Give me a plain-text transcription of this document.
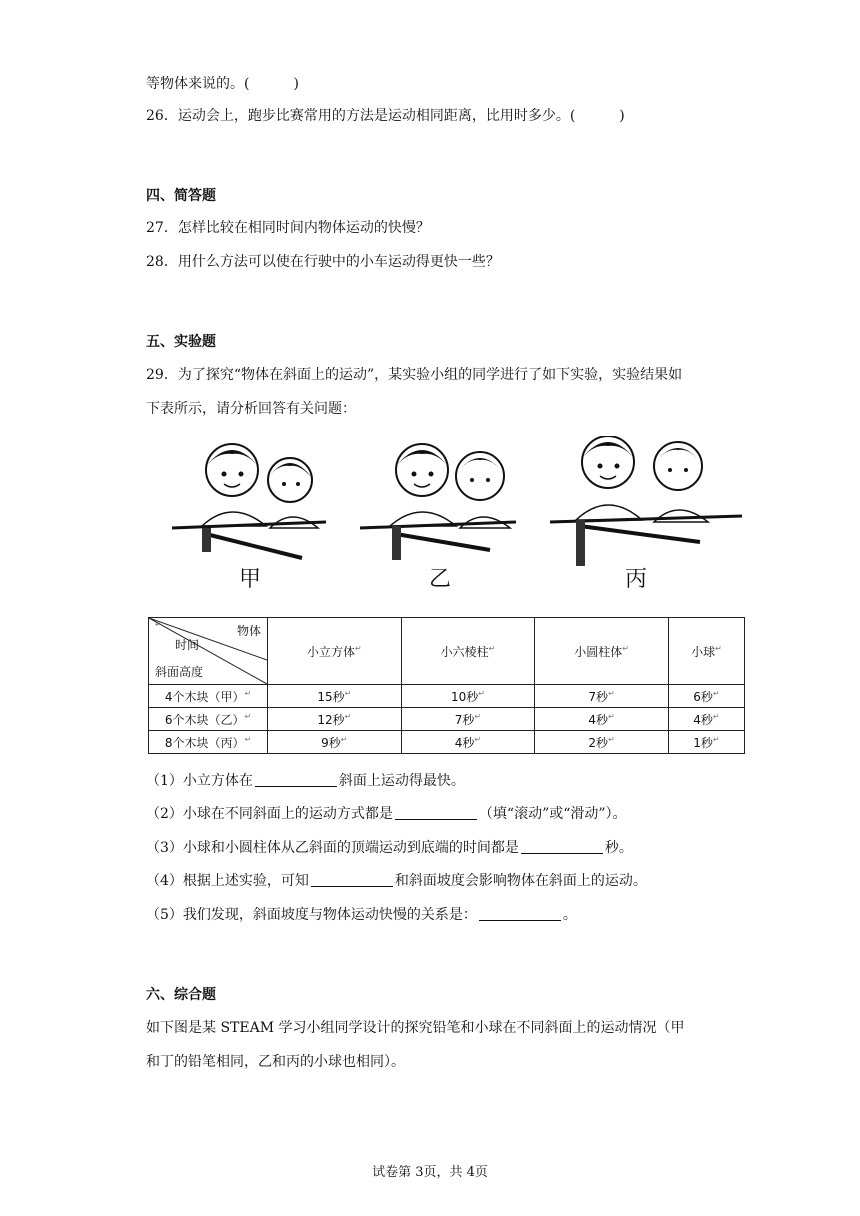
等物体来说的。(	)
26．运动会上，跑步比赛常用的方法是运动相同距离，比用时多少。(	)
四、简答题
27．怎样比较在相同时间内物体运动的快慢？
28．用什么方法可以使在行驶中的小车运动得更快一些？
五、实验题
29．为了探究“物体在斜面上的运动”，某实验小组的同学进行了如下实验，实验结果如
下表所示，请分析回答有关问题：
甲	乙	丙
↵ 物体
时间
斜面高度	小立方体↵	小六棱柱↵	小圆柱体↵	小球↵
4个木块（甲）↵	15秒↵	10秒↵	7秒↵	6秒↵
6个木块（乙）↵	12秒↵	7秒↵	4秒↵	4秒↵
8个木块（丙）↵	9秒↵	4秒↵	2秒↵	1秒↵
（1）小立方体在	斜面上运动得最快。
（2）小球在不同斜面上的运动方式都是	（填“滚动”或“滑动”）。
（3）小球和小圆柱体从乙斜面的顶端运动到底端的时间都是	秒。
（4）根据上述实验，可知	和斜面坡度会影响物体在斜面上的运动。
（5）我们发现，斜面坡度与物体运动快慢的关系是：	。
六、综合题
如下图是某 STEAM 学习小组同学设计的探究铅笔和小球在不同斜面上的运动情况（甲
和丁的铅笔相同，乙和丙的小球也相同）。
试卷第 3页，共 4页
